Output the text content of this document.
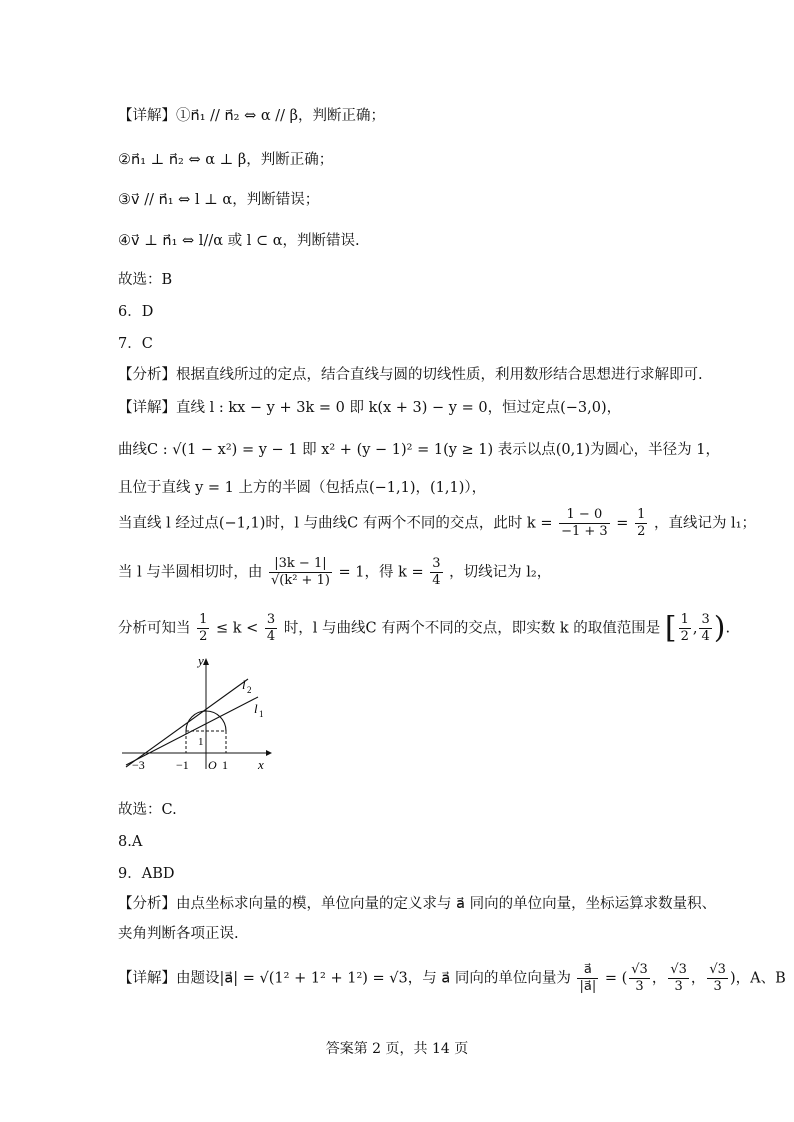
【详解】①n⃗₁ // n⃗₂ ⇔ α // β，判断正确；
②n⃗₁ ⊥ n⃗₂ ⇔ α ⊥ β，判断正确；
③v⃗ // n⃗₁ ⇔ l ⊥ α，判断错误；
④v⃗ ⊥ n⃗₁ ⇔ l//α 或 l ⊂ α，判断错误.
故选：B
6．D
7．C
【分析】根据直线所过的定点，结合直线与圆的切线性质，利用数形结合思想进行求解即可.
【详解】直线 l : kx − y + 3k = 0 即 k(x + 3) − y = 0，恒过定点(−3,0)，
曲线C : √(1 − x²) = y − 1 即 x² + (y − 1)² = 1(y ≥ 1) 表示以点(0,1)为圆心，半径为 1，
且位于直线 y = 1 上方的半圆（包括点(−1,1)，(1,1)），
当直线 l 经过点(−1,1)时，l 与曲线C 有两个不同的交点，此时 $k = \frac{1 - 0}{-1 + 3} = \frac{1}{2}$ ，直线记为 l₁；
当 l 与半圆相切时，由 $\frac{|3k - 1|}{\text{√(k² + 1)}} = 1$，得 $k = \frac{3}{4}$ ，切线记为 l₂，
分析可知当 $\frac{1}{2} \le k < \frac{3}{4}$ 时，l 与曲线C 有两个不同的交点，即实数 k 的取值范围是 [ $\frac{1}{2}$ , $\frac{3}{4}$ ).
y
x
l 2
l 1
−3	−1 O 1
1
故选：C.
8.A
9．ABD
【分析】由点坐标求向量的模，单位向量的定义求与 a⃗ 同向的单位向量，坐标运算求数量积、
夹角判断各项正误.
【详解】由题设|a⃗| = √(1² + 1² + 1²) = √3，与 a⃗ 同向的单位向量为 $\frac{a⃗}{|a⃗|}$ = ( $\frac{√3}{3}$ ， $\frac{√3}{3}$ ， $\frac{√3}{3}$ )，A、B
答案第 2 页，共 14 页
